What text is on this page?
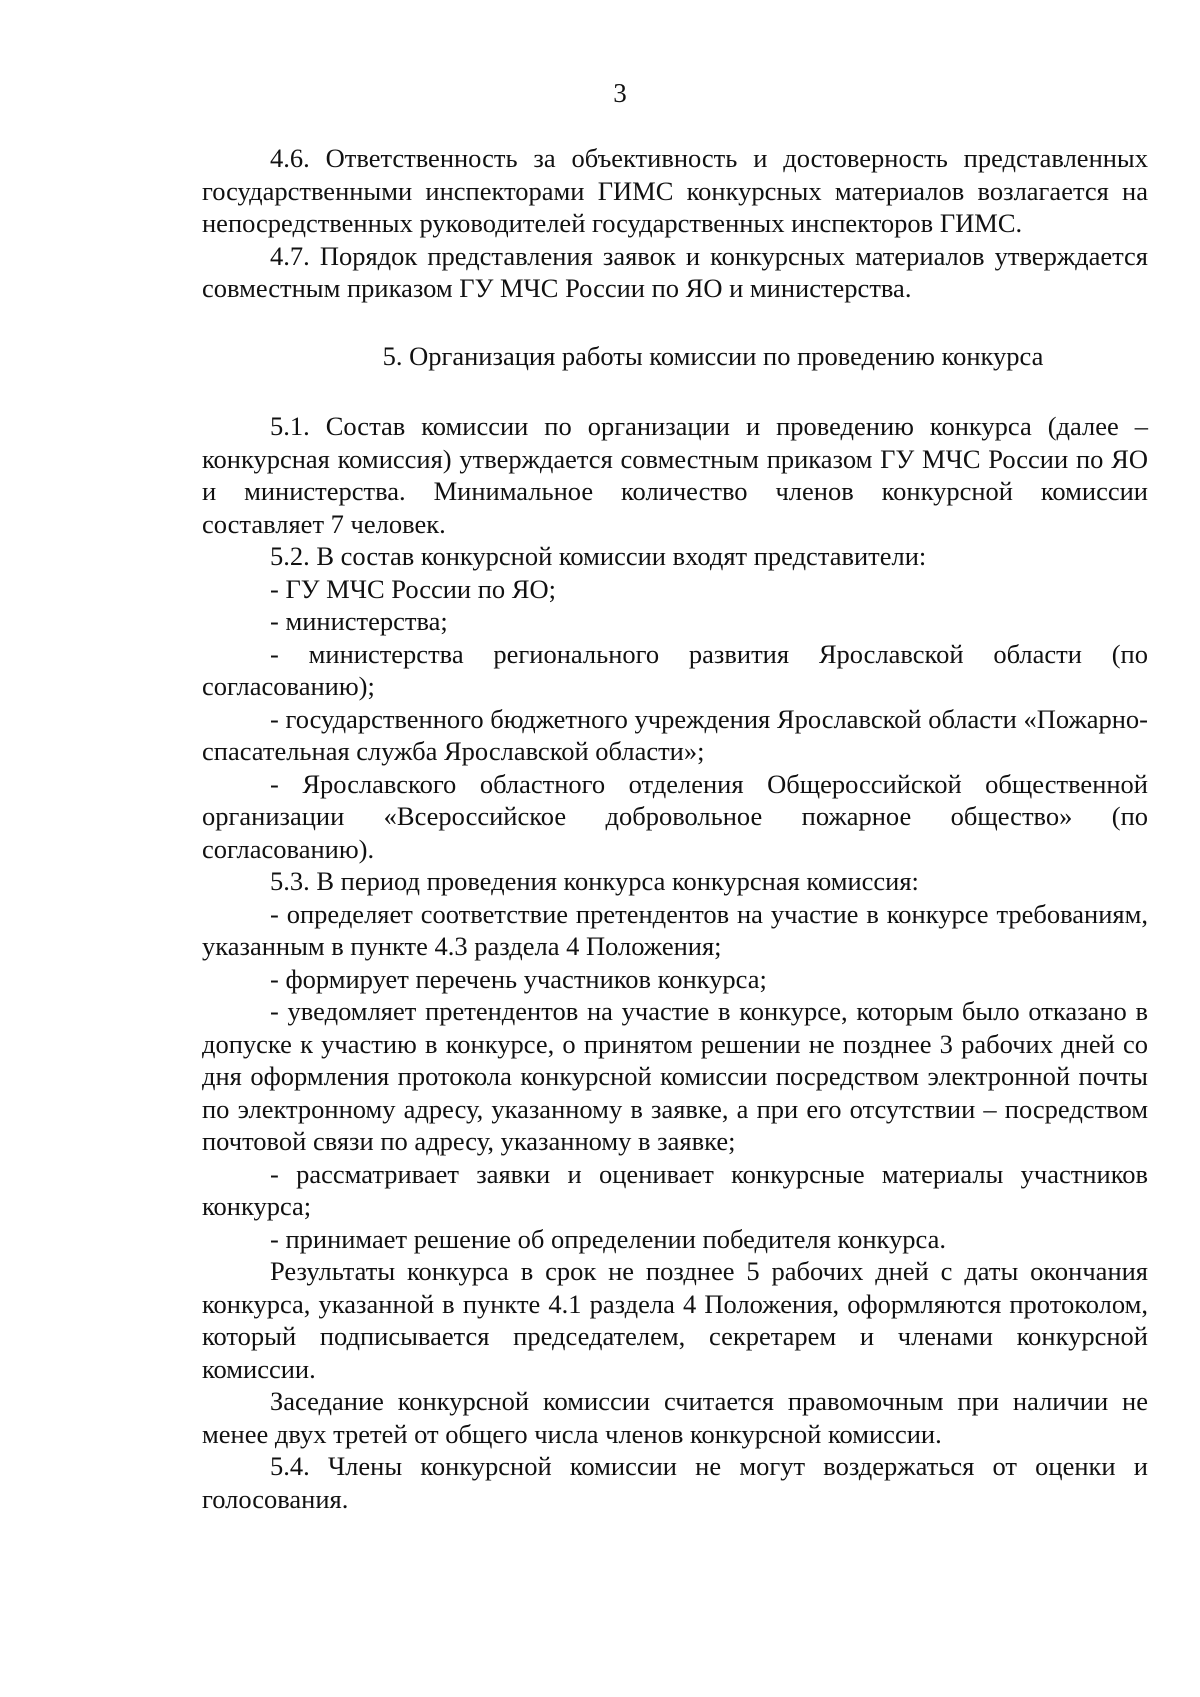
3

4.6. Ответственность за объективность и достоверность представленных государственными инспекторами ГИМС конкурсных материалов возлагается на непосредственных руководителей государственных инспекторов ГИМС.

4.7. Порядок представления заявок и конкурсных материалов утверждается совместным приказом ГУ МЧС России по ЯО и министерства.

5. Организация работы комиссии по проведению конкурса

5.1. Состав комиссии по организации и проведению конкурса (далее – конкурсная комиссия) утверждается совместным приказом ГУ МЧС России по ЯО и министерства. Минимальное количество членов конкурсной комиссии составляет 7 человек.

5.2. В состав конкурсной комиссии входят представители:

- ГУ МЧС России по ЯО;

- министерства;

- министерства регионального развития Ярославской области (по согласованию);

- государственного бюджетного учреждения Ярославской области «Пожарно-спасательная служба Ярославской области»;

- Ярославского областного отделения Общероссийской общественной организации «Всероссийское добровольное пожарное общество» (по согласованию).

5.3. В период проведения конкурса конкурсная комиссия:

- определяет соответствие претендентов на участие в конкурсе требованиям, указанным в пункте 4.3 раздела 4 Положения;

- формирует перечень участников конкурса;

- уведомляет претендентов на участие в конкурсе, которым было отказано в допуске к участию в конкурсе, о принятом решении не позднее 3 рабочих дней со дня оформления протокола конкурсной комиссии посредством электронной почты по электронному адресу, указанному в заявке, а при его отсутствии – посредством почтовой связи по адресу, указанному в заявке;

- рассматривает заявки и оценивает конкурсные материалы участников конкурса;

- принимает решение об определении победителя конкурса.

Результаты конкурса в срок не позднее 5 рабочих дней с даты окончания конкурса, указанной в пункте 4.1 раздела 4 Положения, оформляются протоколом, который подписывается председателем, секретарем и членами конкурсной комиссии.

Заседание конкурсной комиссии считается правомочным при наличии не менее двух третей от общего числа членов конкурсной комиссии.

5.4. Члены конкурсной комиссии не могут воздержаться от оценки и голосования.
